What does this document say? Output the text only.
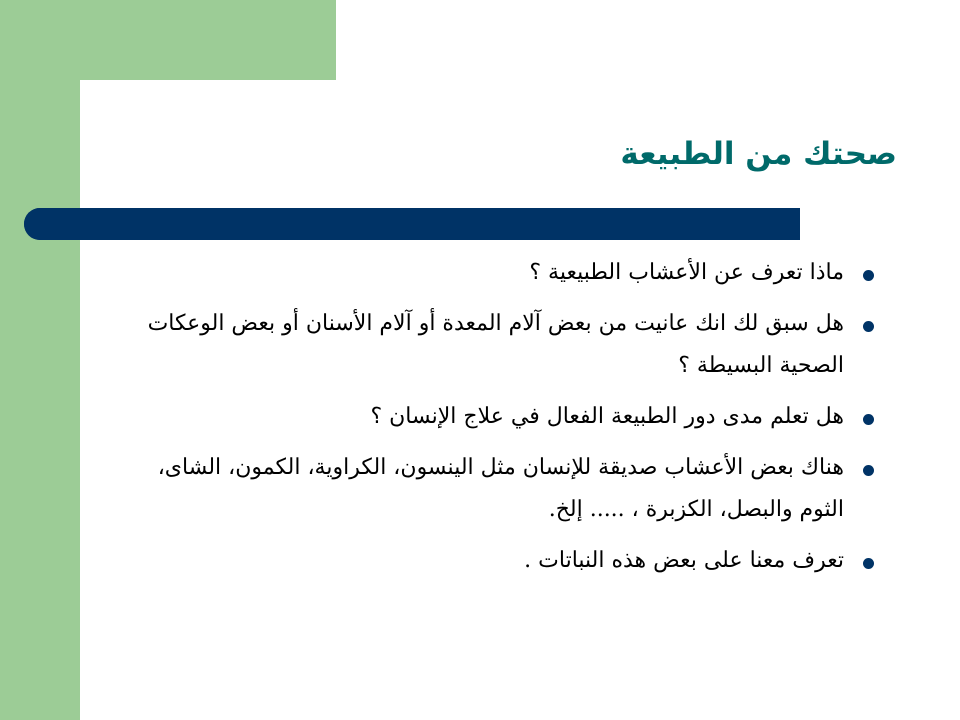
صحتك من الطبيعة
ماذا تعرف عن الأعشاب الطبيعية ؟
هل سبق لك انك عانيت من بعض آلام المعدة أو آلام الأسنان أو بعض الوعكات الصحية البسيطة ؟
هل تعلم مدى دور الطبيعة الفعال في علاج الإنسان ؟
هناك بعض الأعشاب صديقة للإنسان مثل الينسون، الكراوية، الكمون، الشاى، الثوم والبصل، الكزبرة ، ..... إلخ.
تعرف معنا على بعض هذه النباتات .
